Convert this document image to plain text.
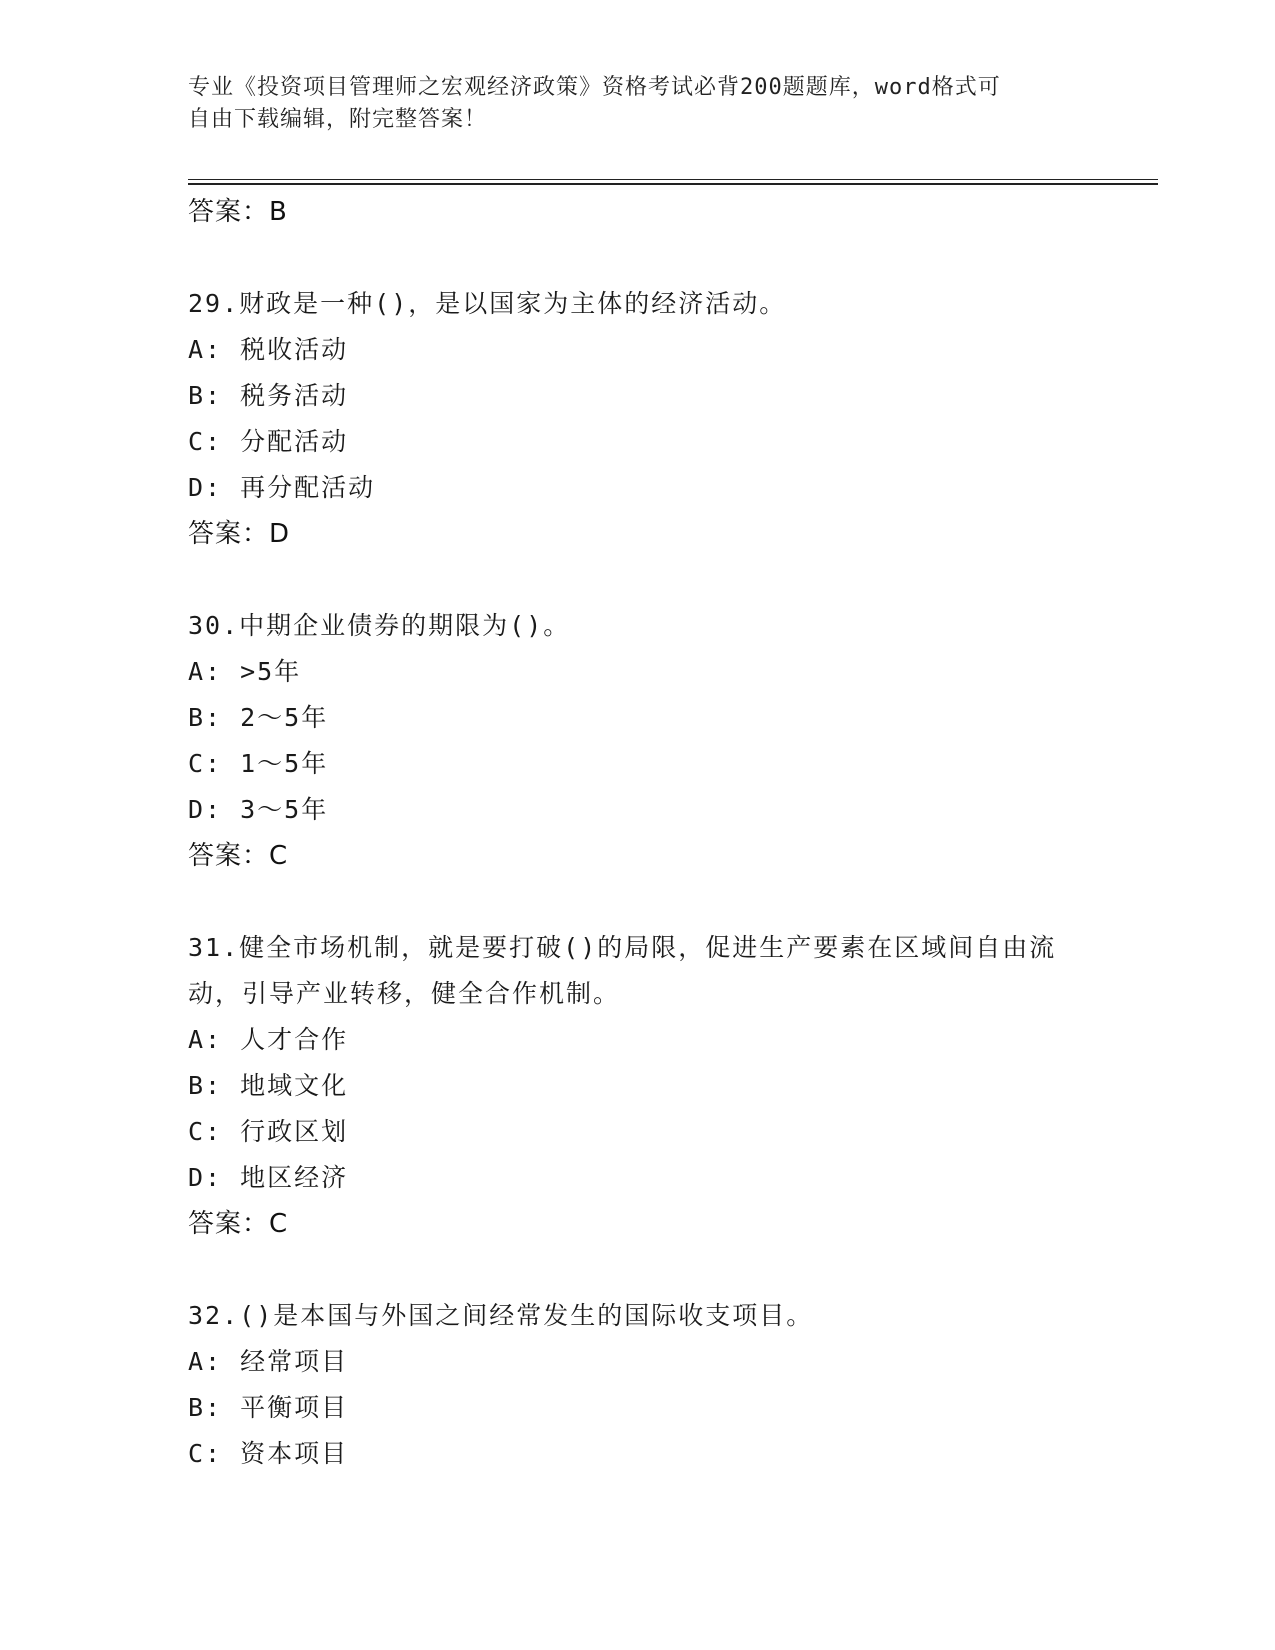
专业《投资项目管理师之宏观经济政策》资格考试必背200题题库，word格式可
自由下载编辑，附完整答案！
答案：B
29.财政是一种()，是以国家为主体的经济活动。
A: 税收活动
B: 税务活动
C: 分配活动
D: 再分配活动
答案：D
30.中期企业债券的期限为()。
A: >5年
B: 2～5年
C: 1～5年
D: 3～5年
答案：C
31.健全市场机制，就是要打破()的局限，促进生产要素在区域间自由流动，引导产业转移，健全合作机制。
A: 人才合作
B: 地域文化
C: 行政区划
D: 地区经济
答案：C
32.()是本国与外国之间经常发生的国际收支项目。
A: 经常项目
B: 平衡项目
C: 资本项目
